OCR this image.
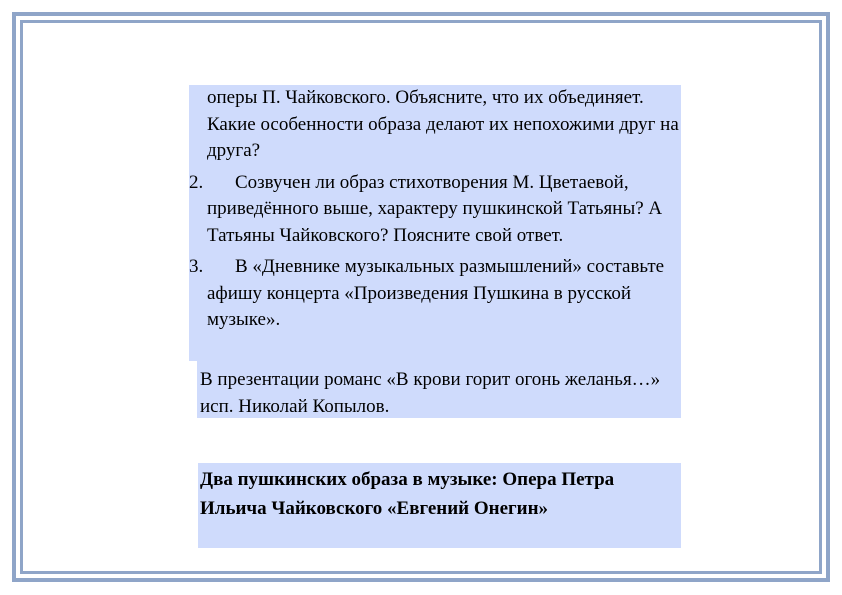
оперы П. Чайковского. Объясните, что их объединяет. Какие особенности образа делают их непохожими друг на друга?
2. Созвучен ли образ стихотворения М. Цветаевой, приведённого выше, характеру пушкинской Татьяны? А Татьяны Чайковского? Поясните свой ответ.
3. В «Дневнике музыкальных размышлений» составьте афишу концерта «Произведения Пушкина в русской музыке».
В презентации романс «В крови горит огонь желанья…» исп. Николай Копылов.
Два пушкинских образа в музыке: Опера Петра Ильича Чайковского «Евгений Онегин»
